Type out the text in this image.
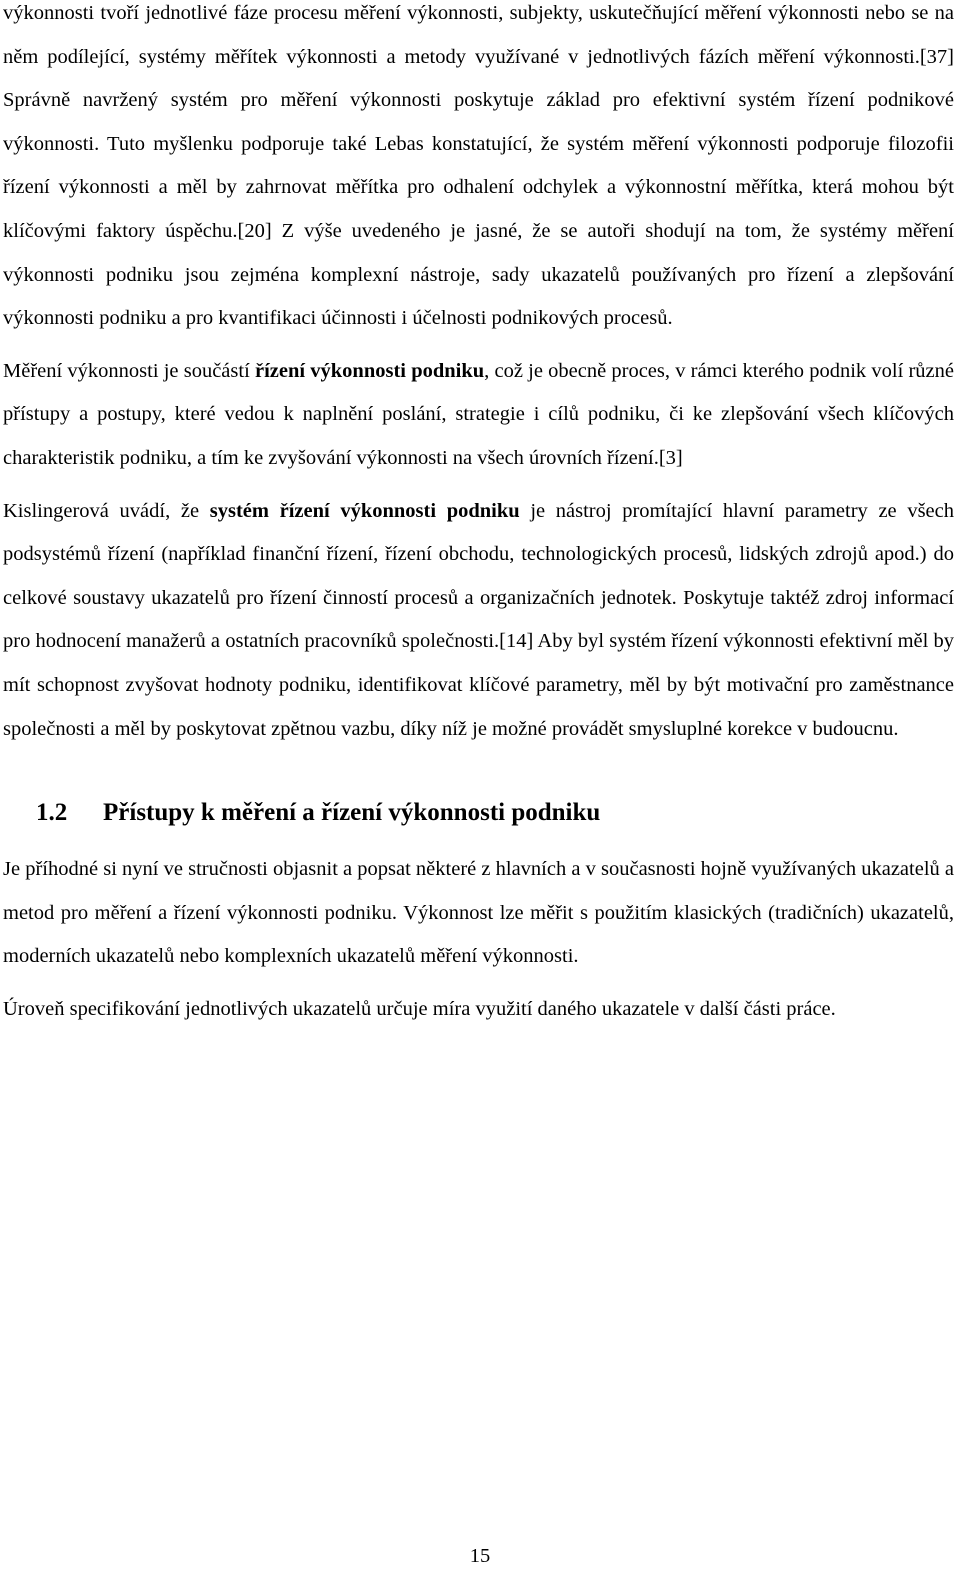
výkonnosti tvoří jednotlivé fáze procesu měření výkonnosti, subjekty, uskutečňující měření výkonnosti nebo se na něm podílející, systémy měřítek výkonnosti a metody využívané v jednotlivých fázích měření výkonnosti.[37] Správně navržený systém pro měření výkonnosti poskytuje základ pro efektivní systém řízení podnikové výkonnosti. Tuto myšlenku podporuje také Lebas konstatující, že systém měření výkonnosti podporuje filozofii řízení výkonnosti a měl by zahrnovat měřítka pro odhalení odchylek a výkonnostní měřítka, která mohou být klíčovými faktory úspěchu.[20] Z výše uvedeného je jasné, že se autoři shodují na tom, že systémy měření výkonnosti podniku jsou zejména komplexní nástroje, sady ukazatelů používaných pro řízení a zlepšování výkonnosti podniku a pro kvantifikaci účinnosti i účelnosti podnikových procesů.

Měření výkonnosti je součástí řízení výkonnosti podniku, což je obecně proces, v rámci kterého podnik volí různé přístupy a postupy, které vedou k naplnění poslání, strategie i cílů podniku, či ke zlepšování všech klíčových charakteristik podniku, a tím ke zvyšování výkonnosti na všech úrovních řízení.[3]

Kislingerová uvádí, že systém řízení výkonnosti podniku je nástroj promítající hlavní parametry ze všech podsystémů řízení (například finanční řízení, řízení obchodu, technologických procesů, lidských zdrojů apod.) do celkové soustavy ukazatelů pro řízení činností procesů a organizačních jednotek. Poskytuje taktéž zdroj informací pro hodnocení manažerů a ostatních pracovníků společnosti.[14] Aby byl systém řízení výkonnosti efektivní měl by mít schopnost zvyšovat hodnoty podniku, identifikovat klíčové parametry, měl by být motivační pro zaměstnance společnosti a měl by poskytovat zpětnou vazbu, díky níž je možné provádět smysluplné korekce v budoucnu.

1.2 Přístupy k měření a řízení výkonnosti podniku

Je příhodné si nyní ve stručnosti objasnit a popsat některé z hlavních a v současnosti hojně využívaných ukazatelů a metod pro měření a řízení výkonnosti podniku. Výkonnost lze měřit s použitím klasických (tradičních) ukazatelů, moderních ukazatelů nebo komplexních ukazatelů měření výkonnosti.

Úroveň specifikování jednotlivých ukazatelů určuje míra využití daného ukazatele v další části práce.

15
